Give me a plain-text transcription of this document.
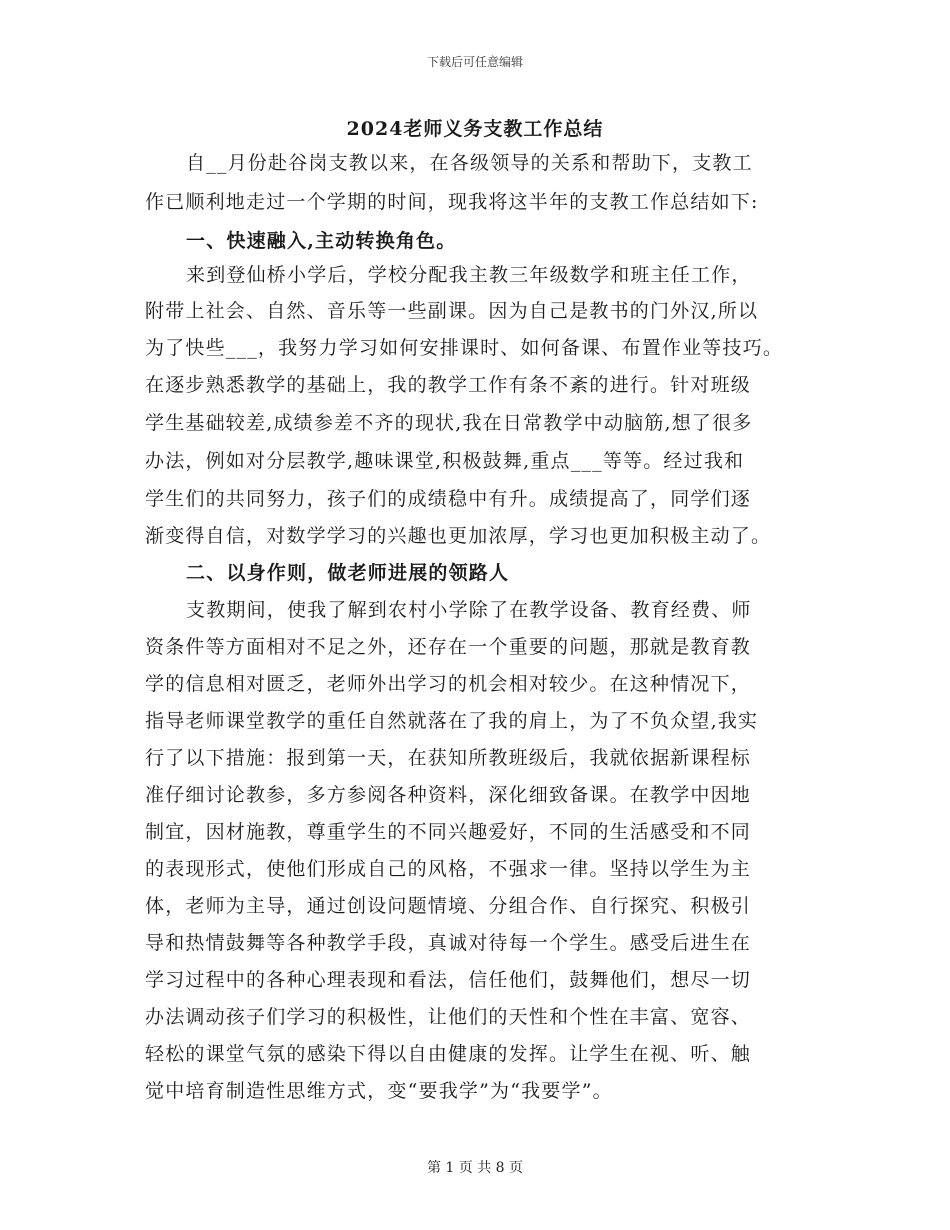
下载后可任意编辑
2024老师义务支教工作总结
自__月份赴谷岗支教以来，在各级领导的关系和帮助下，支教工
作已顺利地走过一个学期的时间，现我将这半年的支教工作总结如下:
一、快速融入,主动转换角色。
来到登仙桥小学后，学校分配我主教三年级数学和班主任工作，
附带上社会、自然、音乐等一些副课。因为自己是教书的门外汉,所以
为了快些___，我努力学习如何安排课时、如何备课、布置作业等技巧。
在逐步熟悉教学的基础上，我的教学工作有条不紊的进行。针对班级
学生基础较差,成绩参差不齐的现状,我在日常教学中动脑筋,想了很多
办法，例如对分层教学,趣味课堂,积极鼓舞,重点___等等。经过我和
学生们的共同努力，孩子们的成绩稳中有升。成绩提高了，同学们逐
渐变得自信，对数学学习的兴趣也更加浓厚，学习也更加积极主动了。
二、以身作则，做老师进展的领路人
支教期间，使我了解到农村小学除了在教学设备、教育经费、师
资条件等方面相对不足之外，还存在一个重要的问题，那就是教育教
学的信息相对匮乏，老师外出学习的机会相对较少。在这种情况下，
指导老师课堂教学的重任自然就落在了我的肩上，为了不负众望,我实
行了以下措施：报到第一天，在获知所教班级后，我就依据新课程标
准仔细讨论教参，多方参阅各种资料，深化细致备课。在教学中因地
制宜，因材施教，尊重学生的不同兴趣爱好，不同的生活感受和不同
的表现形式，使他们形成自己的风格，不强求一律。坚持以学生为主
体，老师为主导，通过创设问题情境、分组合作、自行探究、积极引
导和热情鼓舞等各种教学手段，真诚对待每一个学生。感受后进生在
学习过程中的各种心理表现和看法，信任他们，鼓舞他们，想尽一切
办法调动孩子们学习的积极性，让他们的天性和个性在丰富、宽容、
轻松的课堂气氛的感染下得以自由健康的发挥。让学生在视、听、触
觉中培育制造性思维方式，变“要我学”为“我要学”。
第 1 页 共 8 页
